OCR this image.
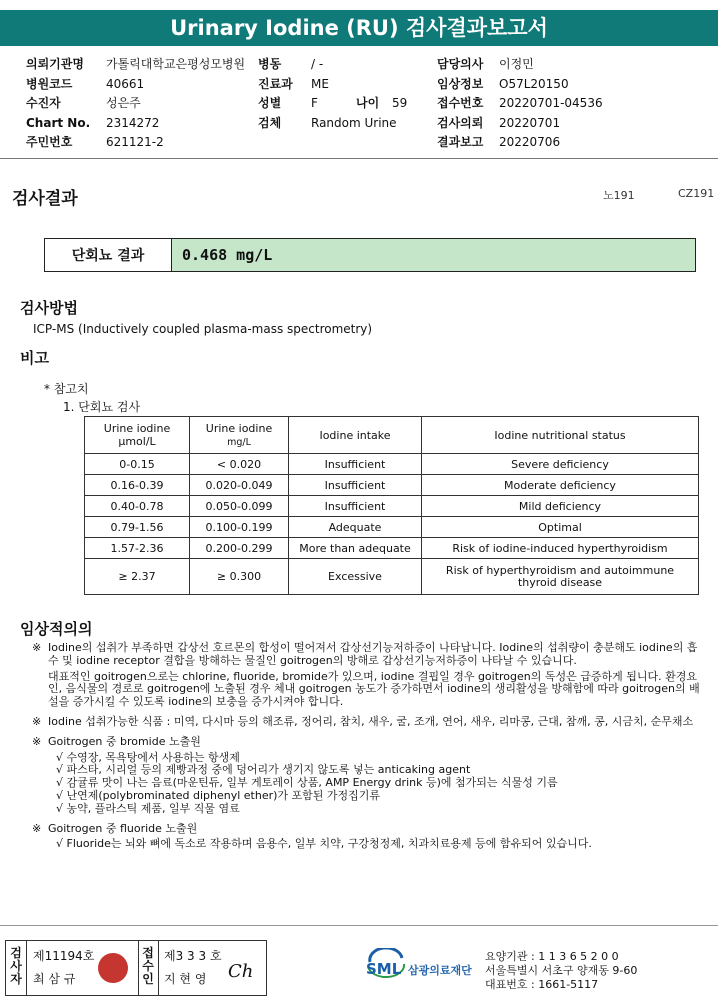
Urinary Iodine (RU) 검사결과보고서
의뢰기관명 가톨릭대학교은평성모병원
병원코드	40661
수진자	성은주
Chart No. 2314272
주민번호	621121-2
병동 / -
진료과 ME
성별 F	나이 59
검체 Random Urine
담당의사 이정민
임상정보 O57L20150
접수번호 20220701-04536
검사의뢰 20220701
결과보고 20220706
검사결과	노191	CZ191
단회뇨 결과	0.468 mg/L
검사방법
ICP-MS (Inductively coupled plasma-mass spectrometry)
비고
* 참고치
1. 단회뇨 검사
Urine iodine
μmol/L	Urine iodine
mg/L	Iodine intake	Iodine nutritional status
0-0.15	< 0.020	Insufficient	Severe deficiency
0.16-0.39	0.020-0.049	Insufficient	Moderate deficiency
0.40-0.78	0.050-0.099	Insufficient	Mild deficiency
0.79-1.56	0.100-0.199	Adequate	Optimal
1.57-2.36	0.200-0.299	More than adequate	Risk of iodine-induced hyperthyroidism
≥ 2.37	≥ 0.300	Excessive	Risk of hyperthyroidism and autoimmune thyroid disease
임상적의의
※ Iodine의 섭취가 부족하면 갑상선 호르몬의 합성이 떨어져서 갑상선기능저하증이 나타납니다. Iodine의 섭취량이 충분해도 iodine의 흡수 및 iodine receptor 결합을 방해하는 물질인 goitrogen의 방해로 갑상선기능저하증이 나타날 수 있습니다.

대표적인 goitrogen으로는 chlorine, fluoride, bromide가 있으며, iodine 결핍일 경우 goitrogen의 독성은 급증하게 됩니다. 환경요인, 음식물의 경로로 goitrogen에 노출된 경우 체내 goitrogen 농도가 증가하면서 iodine의 생리활성을 방해함에 따라 goitrogen의 배설을 증가시킬 수 있도록 iodine의 보충을 증가시켜야 합니다.

※ Iodine 섭취가능한 식품 : 미역, 다시마 등의 해조류, 정어리, 참치, 새우, 굴, 조개, 연어, 새우, 리마콩, 근대, 참깨, 콩, 시금치, 순무채소

※ Goitrogen 중 bromide 노출원

√ 수영장, 목욕탕에서 사용하는 항생제
√ 파스타, 시리얼 등의 제빵과정 중에 덩어리가 생기지 않도록 넣는 anticaking agent
√ 감귤류 맛이 나는 음료(마운틴듀, 일부 게토레이 상품, AMP Energy drink 등)에 첨가되는 식물성 기름
√ 난연제(polybrominated diphenyl ether)가 포함된 가정집기류
√ 농약, 플라스틱 제품, 일부 직물 염료
※ Goitrogen 중 fluoride 노출원

√ Fluoride는 뇌와 뼈에 독소로 작용하며 음용수, 일부 치약, 구강청정제, 치과치료용제 등에 함유되어 있습니다.
검사자
제11194호
최 삼 규
접수인
제3 3 3 호
지 현 영 Ch	SML 삼광의료재단
요양기관 : 1 1 3 6 5 2 0 0
서울특별시 서초구 양재동 9-60
대표번호 : 1661-5117
